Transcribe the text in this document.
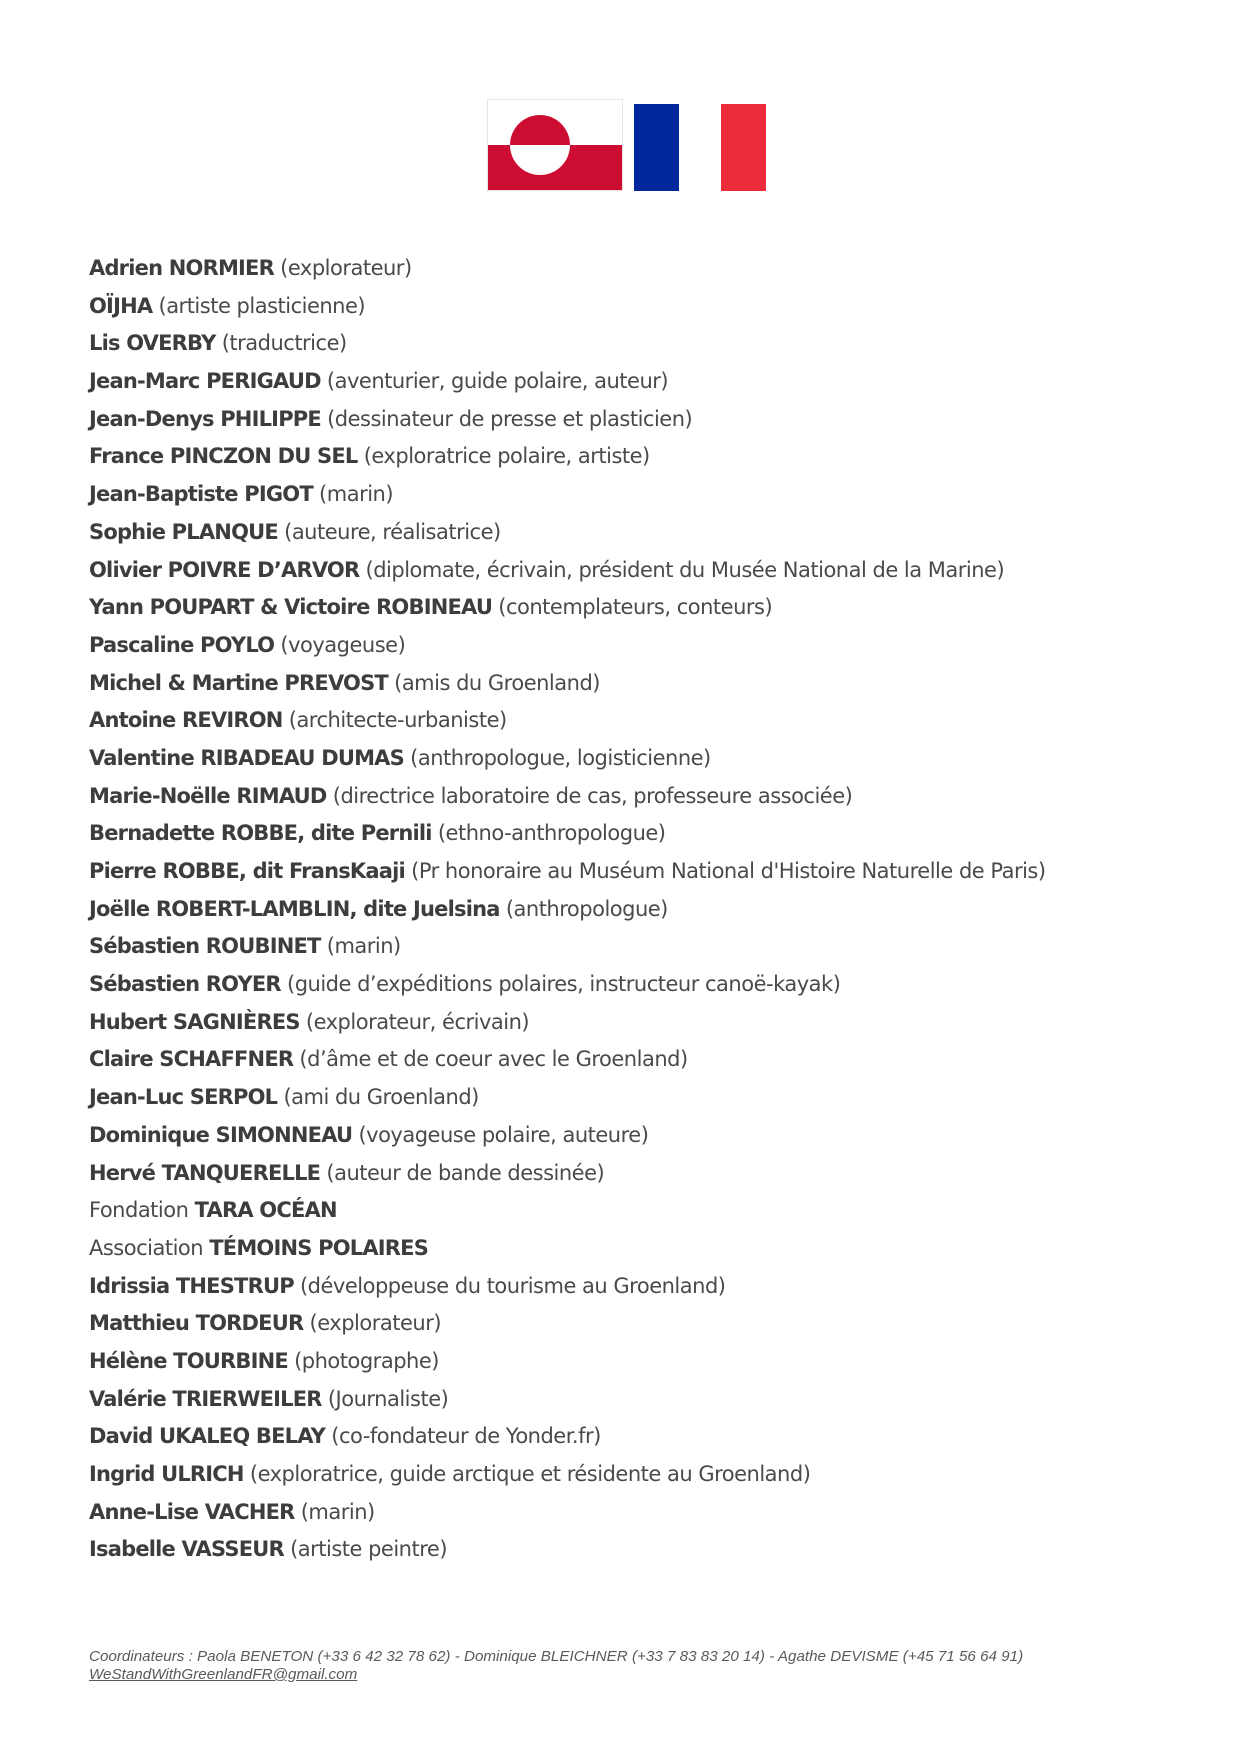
Adrien NORMIER (explorateur)
OÏJHA (artiste plasticienne)
Lis OVERBY (traductrice)
Jean-Marc PERIGAUD (aventurier, guide polaire, auteur)
Jean-Denys PHILIPPE (dessinateur de presse et plasticien)
France PINCZON DU SEL (exploratrice polaire, artiste)
Jean-Baptiste PIGOT (marin)
Sophie PLANQUE (auteure, réalisatrice)
Olivier POIVRE D’ARVOR (diplomate, écrivain, président du Musée National de la Marine)
Yann POUPART & Victoire ROBINEAU (contemplateurs, conteurs)
Pascaline POYLO (voyageuse)
Michel & Martine PREVOST (amis du Groenland)
Antoine REVIRON (architecte-urbaniste)
Valentine RIBADEAU DUMAS (anthropologue, logisticienne)
Marie-Noëlle RIMAUD (directrice laboratoire de cas, professeure associée)
Bernadette ROBBE, dite Pernili (ethno-anthropologue)
Pierre ROBBE, dit FransKaaji (Pr honoraire au Muséum National d'Histoire Naturelle de Paris)
Joëlle ROBERT-LAMBLIN, dite Juelsina (anthropologue)
Sébastien ROUBINET (marin)
Sébastien ROYER (guide d’expéditions polaires, instructeur canoë-kayak)
Hubert SAGNIÈRES (explorateur, écrivain)
Claire SCHAFFNER (d’âme et de coeur avec le Groenland)
Jean-Luc SERPOL (ami du Groenland)
Dominique SIMONNEAU (voyageuse polaire, auteure)
Hervé TANQUERELLE (auteur de bande dessinée)
Fondation TARA OCÉAN
Association TÉMOINS POLAIRES
Idrissia THESTRUP (développeuse du tourisme au Groenland)
Matthieu TORDEUR (explorateur)
Hélène TOURBINE (photographe)
Valérie TRIERWEILER (Journaliste)
David UKALEQ BELAY (co-fondateur de Yonder.fr)
Ingrid ULRICH (exploratrice, guide arctique et résidente au Groenland)
Anne-Lise VACHER (marin)
Isabelle VASSEUR (artiste peintre)
Coordinateurs : Paola BENETON (+33 6 42 32 78 62) - Dominique BLEICHNER (+33 7 83 83 20 14) - Agathe DEVISME (+45 71 56 64 91)
WeStandWithGreenlandFR@gmail.com
